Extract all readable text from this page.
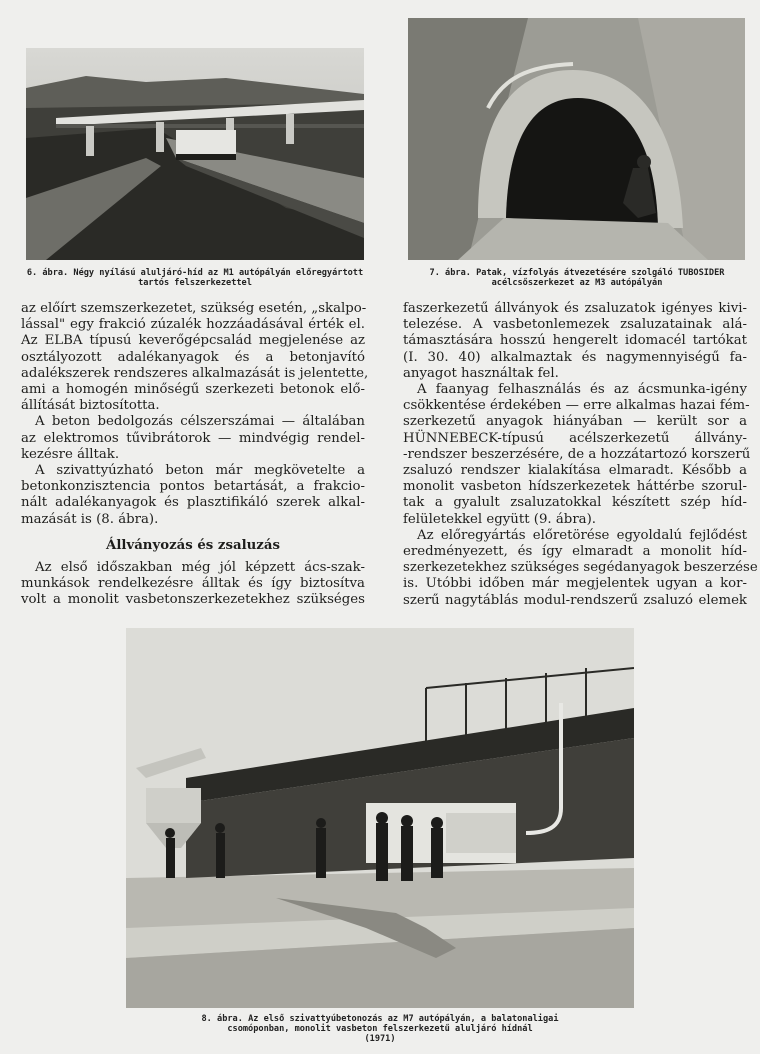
6. ábra. Négy nyílású aluljáró-híd az M1 autópályán előregyártott
tartós felszerkezettel
7. ábra. Patak, vízfolyás átvezetésére szolgáló TUBOSIDER
acélcsőszerkezet az M3 autópályán

az előírt szemszerkezetet, szükség esetén, „skalpo-
lással" egy frakció zúzalék hozzáadásával érték el.
Az ELBA típusú keverőgépcsalád megjelenése az
osztályozott adalékanyagok és a betonjavító
adalékszerek rendszeres alkalmazását is jelentette,
ami a homogén minőségű szerkezeti betonok elő-
állítását biztosította.

A beton bedolgozás célszerszámai — általában
az elektromos tűvibrátorok — mindvégig rendel-
kezésre álltak.

A szivattyúzható beton már megkövetelte a
betonkonzisztencia pontos betartását, a frakcio-
nált adalékanyagok és plasztifikáló szerek alkal-
mazását is (8. ábra).

Állványozás és zsaluzás

Az első időszakban még jól képzett ács-szak-
munkások rendelkezésre álltak és így biztosítva
volt a monolit vasbetonszerkezetekhez szükséges

faszerkezetű állványok és zsaluzatok igényes kivi-
telezése. A vasbetonlemezek zsaluzatainak alá-
támasztására hosszú hengerelt idomacél tartókat
(I. 30. 40) alkalmaztak és nagymennyiségű fa-
anyagot használtak fel.

A faanyag felhasználás és az ácsmunka-igény
csökkentése érdekében — erre alkalmas hazai fém-
szerkezetű anyagok hiányában — került sor a
HÜNNEBECK-típusú acélszerkezetű állvány-
-rendszer beszerzésére, de a hozzátartozó korszerű
zsaluzó rendszer kialakítása elmaradt. Később a
monolit vasbeton hídszerkezetek háttérbe szorul-
tak a gyalult zsaluzatokkal készített szép híd-
felületekkel együtt (9. ábra).

Az előregyártás előretörése egyoldalú fejlődést
eredményezett, és így elmaradt a monolit híd-
szerkezetekhez szükséges segédanyagok beszerzése
is. Utóbbi időben már megjelentek ugyan a kor-
szerű nagytáblás modul-rendszerű zsaluzó elemek

8. ábra. Az első szivattyúbetonozás az M7 autópályán, a balatonaligai
csomóponban, monolit vasbeton felszerkezetű aluljáró hídnál
(1971)
